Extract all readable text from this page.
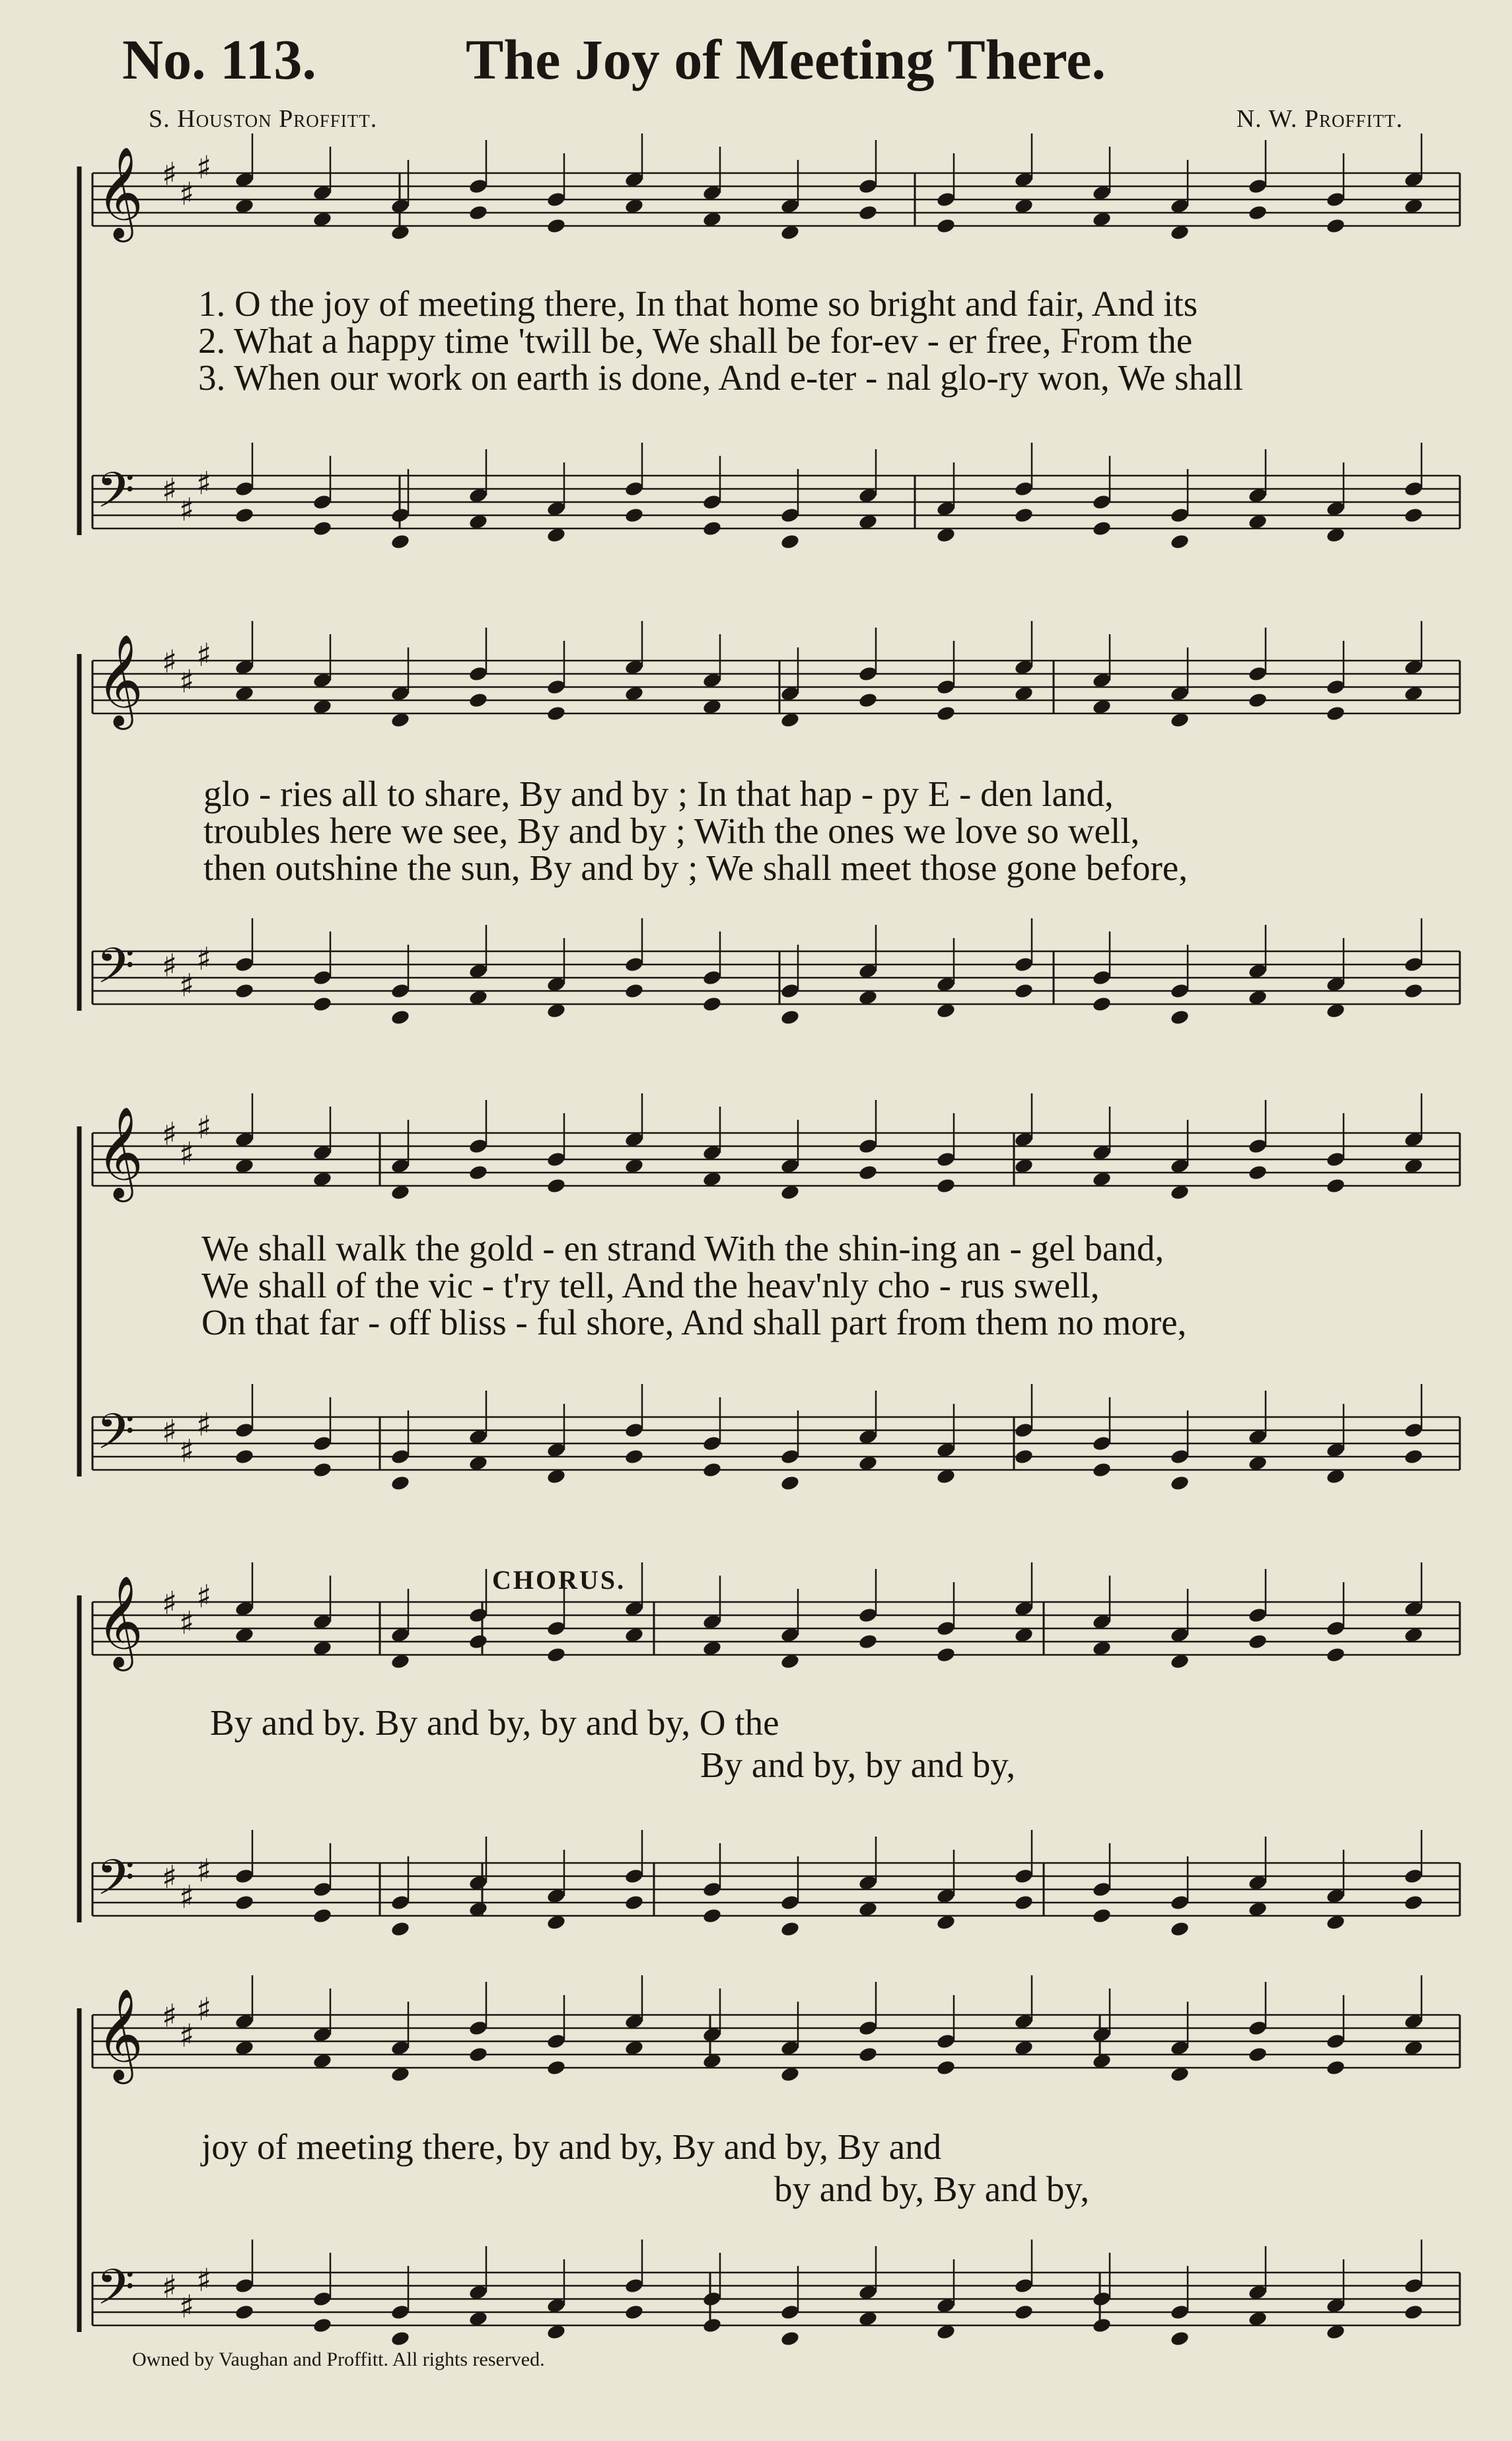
No. 113.	The Joy of Meeting There.
S. Houston Proffitt.	N. W. Proffitt.
𝄞 ♯
♯
♯
𝄢 ♯
♯
♯
𝄞 ♯
♯
♯
𝄢 ♯
♯
♯
𝄞 ♯
♯
♯
𝄢 ♯
♯
♯
𝄞 ♯
♯
♯
𝄢 ♯
♯
♯
𝄞 ♯
♯
♯
𝄢 ♯
♯
♯
1. O the joy of meeting there, In that home so bright and fair, And its
2. What a happy time 'twill be, We shall be for-ev - er free, From the
3. When our work on earth is done, And e-ter - nal glo-ry won, We shall
glo - ries all to share, By and by ; In that hap - py E - den land,
troubles here we see, By and by ; With the ones we love so well,
then outshine the sun, By and by ; We shall meet those gone before,
We shall walk the gold - en strand With the shin-ing an - gel band,
We shall of the vic - t'ry tell, And the heav'nly cho - rus swell,
On that far - off bliss - ful shore, And shall part from them no more,
CHORUS.
By and by. By and by, by and by, O the
By and by, by and by,
joy of meeting there, by and by, By and by, By and
by and by, By and by,
Owned by Vaughan and Proffitt. All rights reserved.
